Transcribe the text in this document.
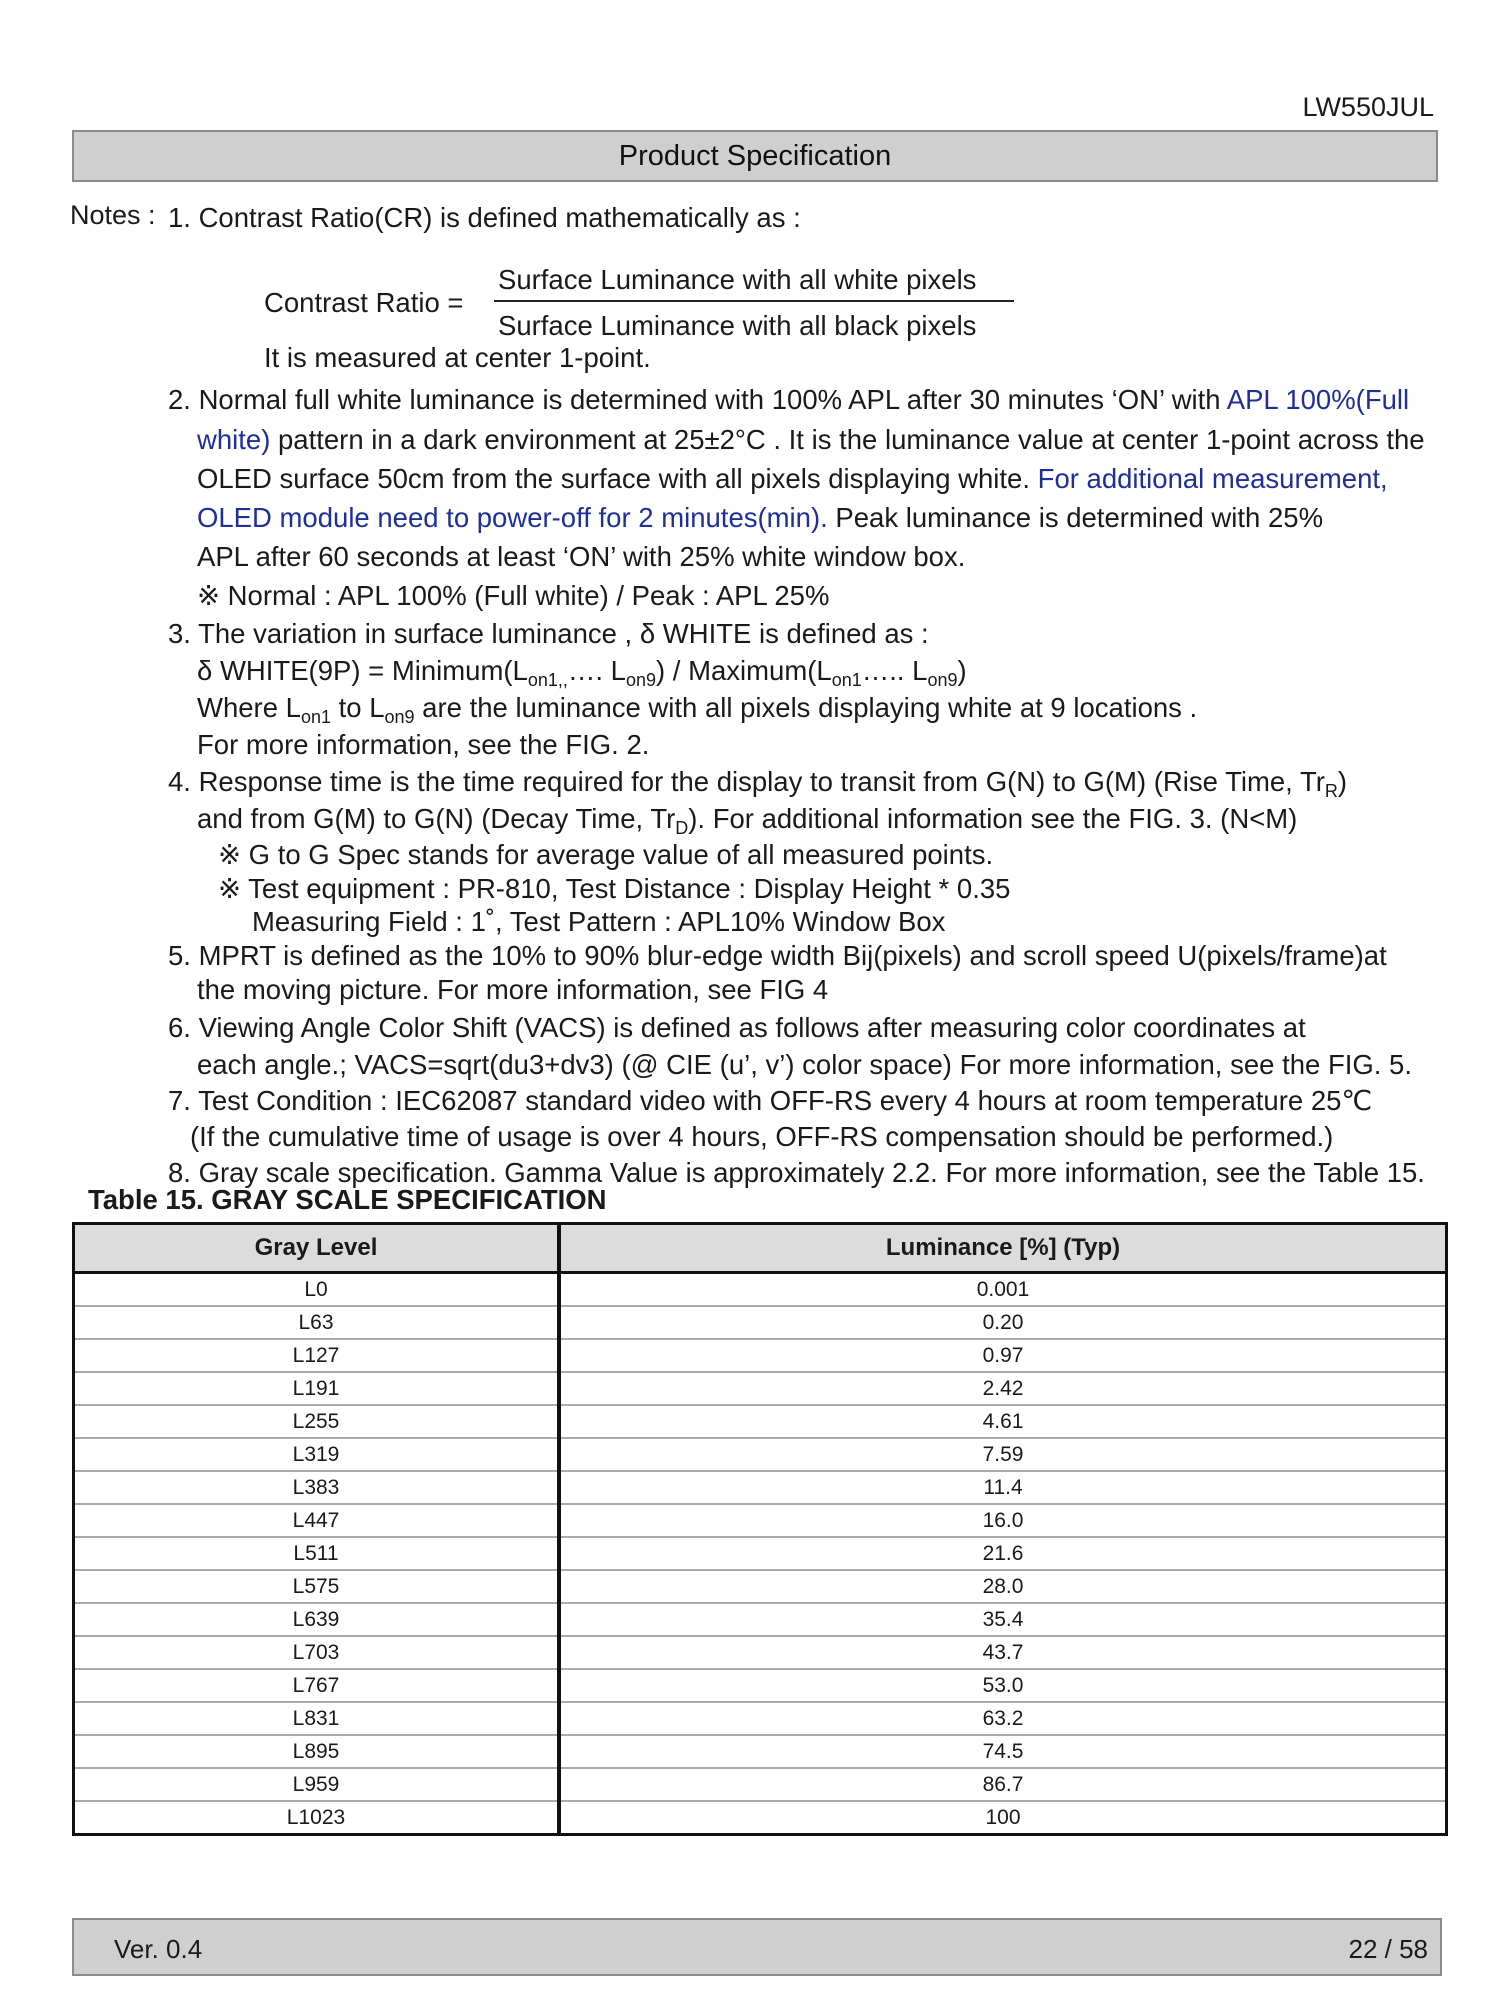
LW550JUL
Product Specification
Notes : 1. Contrast Ratio(CR) is defined mathematically as :
Contrast Ratio =
Surface Luminance with all white pixels
Surface Luminance with all black pixels
It is measured at center 1-point.
2. Normal full white luminance is determined with 100% APL after 30 minutes ‘ON’ with APL 100%(Full
white) pattern in a dark environment at 25±2°C . It is the luminance value at center 1-point across the
OLED surface 50cm from the surface with all pixels displaying white. For additional measurement,
OLED module need to power-off for 2 minutes(min). Peak luminance is determined with 25%
APL after 60 seconds at least ‘ON’ with 25% white window box.
※ Normal : APL 100% (Full white) / Peak : APL 25%
3. The variation in surface luminance , δ WHITE is defined as :
δ WHITE(9P) = $Minimum(L_{on1,,}\dots$. $L_{on9}$) / $Maximum(L_{on1}\dots$.. $L_{on9}$)
Where $L_{on1}$ to $L_{on9}$ are the luminance with all pixels displaying white at 9 locations .
For more information, see the FIG. 2.
4. Response time is the time required for the display to transit from G(N) to G(M) (Rise Time, $Tr_R$)
and from G(M) to G(N) (Decay Time, $Tr_D$). For additional information see the FIG. 3. (N<M)
※ G to G Spec stands for average value of all measured points.
※ Test equipment : PR-810, Test Distance : Display Height * 0.35
Measuring Field : 1˚, Test Pattern : APL10% Window Box
5. MPRT is defined as the 10% to 90% blur-edge width Bij(pixels) and scroll speed U(pixels/frame)at
the moving picture. For more information, see FIG 4
6. Viewing Angle Color Shift (VACS) is defined as follows after measuring color coordinates at
each angle.; VACS=sqrt(du3+dv3) (@ CIE (u’, v’) color space) For more information, see the FIG. 5.
7. Test Condition : IEC62087 standard video with OFF-RS every 4 hours at room temperature 25℃
(If the cumulative time of usage is over 4 hours, OFF-RS compensation should be performed.)
8. Gray scale specification. Gamma Value is approximately 2.2. For more information, see the Table 15.
Table 15. GRAY SCALE SPECIFICATION
Gray Level	Luminance [%] (Typ)
L0	0.001
L63	0.20
L127	0.97
L191	2.42
L255	4.61
L319	7.59
L383	11.4
L447	16.0
L511	21.6
L575	28.0
L639	35.4
L703	43.7
L767	53.0
L831	63.2
L895	74.5
L959	86.7
L1023	100
Ver. 0.4	22 / 58
